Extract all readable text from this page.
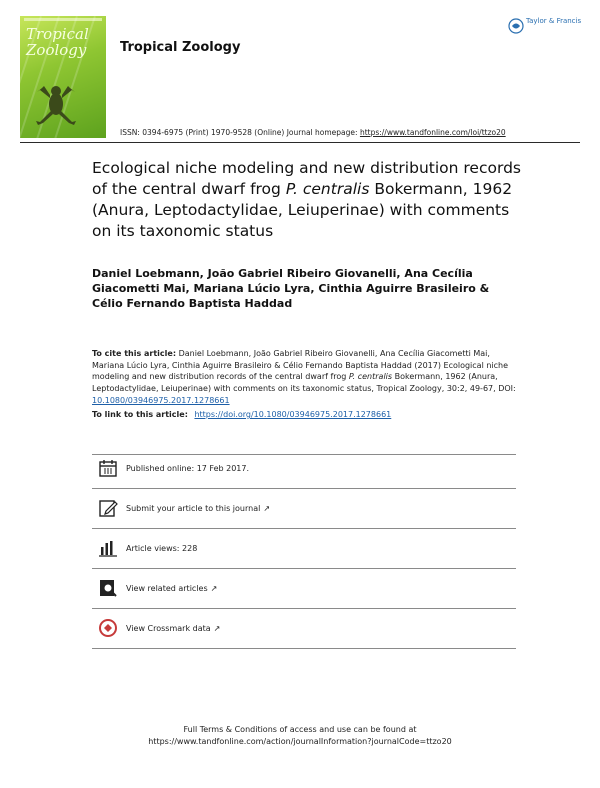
Tropical
Zoology	Tropical Zoology
Taylor & Francis
ISSN: 0394-6975 (Print) 1970-9528 (Online) Journal homepage: https://www.tandfonline.com/loi/ttzo20
Ecological niche modeling and new distribution records of the central dwarf frog P. centralis Bokermann, 1962 (Anura, Leptodactylidae, Leiuperinae) with comments on its taxonomic status
Daniel Loebmann, João Gabriel Ribeiro Giovanelli, Ana Cecília Giacometti Mai, Mariana Lúcio Lyra, Cinthia Aguirre Brasileiro & Célio Fernando Baptista Haddad
To cite this article: Daniel Loebmann, João Gabriel Ribeiro Giovanelli, Ana Cecília Giacometti Mai, Mariana Lúcio Lyra, Cinthia Aguirre Brasileiro & Célio Fernando Baptista Haddad (2017) Ecological niche modeling and new distribution records of the central dwarf frog P. centralis Bokermann, 1962 (Anura, Leptodactylidae, Leiuperinae) with comments on its taxonomic status, Tropical Zoology, 30:2, 49-67, DOI: 10.1080/03946975.2017.1278661
To link to this article: https://doi.org/10.1080/03946975.2017.1278661
Published online: 17 Feb 2017.
Submit your article to this journal ↗
Article views: 228
View related articles ↗
View Crossmark data ↗
Full Terms & Conditions of access and use can be found at
https://www.tandfonline.com/action/journalInformation?journalCode=ttzo20
